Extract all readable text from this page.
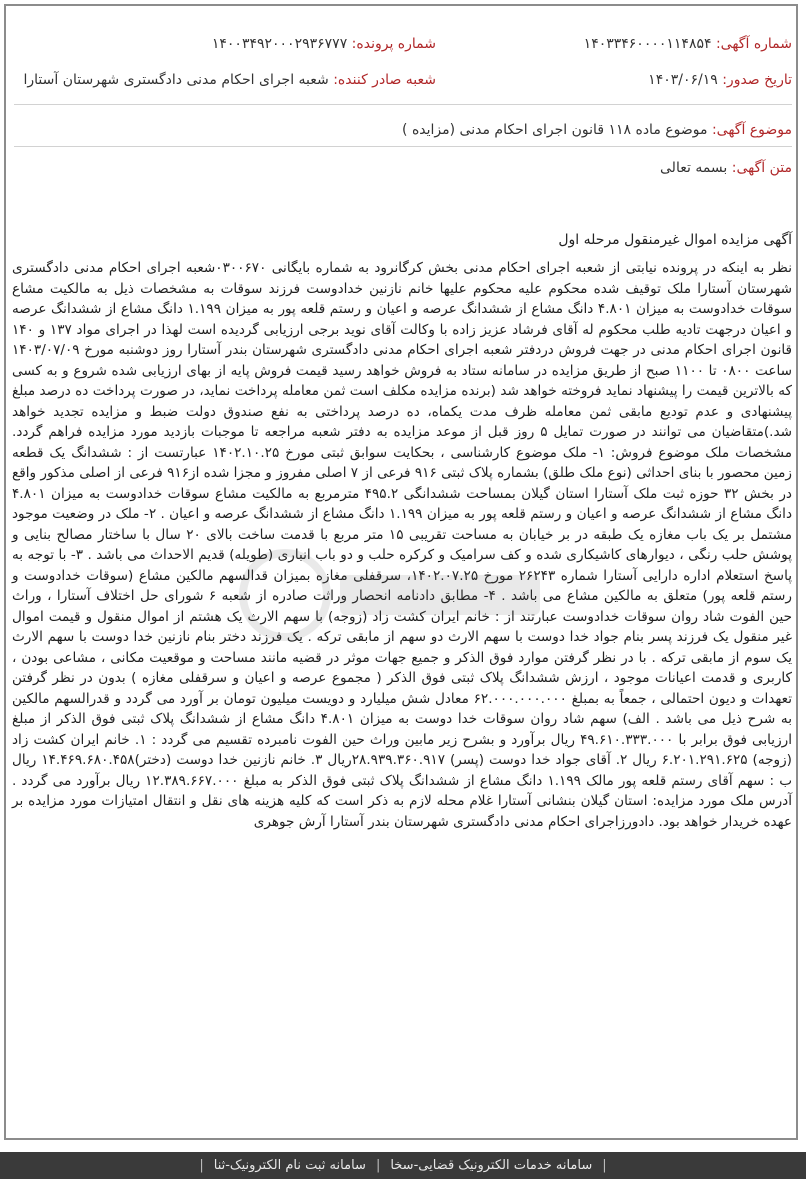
شماره آگهی: ۱۴۰۳۳۴۶۰۰۰۰۱۱۴۸۵۴
شماره پرونده: ۱۴۰۰۳۴۹۲۰۰۰۲۹۳۶۷۷۷
تاریخ صدور: ۱۴۰۳/۰۶/۱۹
شعبه صادر کننده: شعبه اجرای احکام مدنی دادگستری شهرستان آستارا
موضوع آگهی: موضوع ماده ۱۱۸ قانون اجرای احکام مدنی (مزایده )
متن آگهی: بسمه تعالی
آگهی مزایده اموال غیرمنقول مرحله اول
نظر به اینکه در پرونده نیابتی از شعبه اجرای احکام مدنی بخش کرگانرود به شماره بایگانی ۰۳۰۰۶۷۰شعبه اجرای احکام مدنی دادگستری شهرستان آستارا ملک توقیف شده محکوم علیه محکوم علیها خانم نازنین خدادوست فرزند سوقات به مشخصات ذیل به مالکیت مشاع سوقات خداد‌وست به میزان ۴.۸۰۱ دانگ مشاع از ششدانگ عرصه و اعیان و رستم قلعه پور به میزان ۱.۱۹۹ دانگ مشاع از ششدانگ عرصه و اعیان درجهت تادیه طلب محکوم له آقای فرشاد عزیز زاده با وکالت آقای نوید برجی ارزیابی گردیده است لهذا در اجرای مواد ۱۳۷ و ۱۴۰ قانون اجرای احکام مدنی در جهت فروش دردفتر شعبه اجرای احکام مدنی دادگستری شهرستان بندر آستارا روز دوشنبه مورخ ۱۴۰۳/۰۷/۰۹ ساعت ۰۸۰۰ تا ۱۱۰۰ صبح از طریق مزایده در سامانه ستاد به فروش خواهد رسید قیمت فروش پایه از بهای ارزیابی شده شروع و به کسی که بالاترین قیمت را پیشنهاد نماید فروخته خواهد شد (برنده مزایده مکلف است ثمن معامله پرداخت نماید، در صورت پرداخت ده درصد مبلغ پیشنهادی و عدم تودیع مابقی ثمن معامله ظرف مدت یکماه، ده درصد پرداختی به نفع صندوق دولت ضبط و مزایده تجدید خواهد شد.)متقاضیان می توانند در صورت تمایل ۵ روز قبل از موعد مزایده به دفتر شعبه مراجعه تا موجبات بازدید مورد مزایده فراهم گردد. مشخصات ملک موضوع فروش: ۱- ملک موضوع کارشناسی ، بحکایت سوابق ثبتی مورخ ۱۴۰۲.۱۰.۲۵ عبارتست از : ششدانگ یک قطعه زمین محصور با بنای احداثی (نوع ملک طلق) بشماره پلاک ثبتی ۹۱۶ فرعی از ۷ اصلی مفروز و مجزا شده از۹۱۶ فرعی از اصلی مذکور واقع در بخش ۳۲ حوزه ثبت ملک آستارا استان گیلان بمساحت ششدانگی ۴۹۵.۲ مترمربع به مالکیت مشاع سوقات خداد‌وست به میزان ۴.۸۰۱ دانگ مشاع از ششدانگ عرصه و اعیان و رستم قلعه پور به میزان ۱.۱۹۹ دانگ مشاع از ششدانگ عرصه و اعیان . ۲- ملک در وضعیت موجود مشتمل بر یک باب مغازه یک طبقه در بر خیابان به مساحت تقریبی ۱۵ متر مربع با قدمت ساخت بالای ۲۰ سال با ساختار مصالح بنایی و پوشش حلب رنگی ، دیوارهای کاشیکاری شده و کف سرامیک و کرکره حلب و دو باب انباری (طویله) قدیم الاحداث می باشد . ۳- با توجه به پاسخ استعلام اداره دارایی آستارا شماره ۲۶۲۴۳ مورخ ۱۴۰۲.۰۷.۲۵، سرقفلی مغازه بمیزان قدالسهم مالکین مشاع (سوقات خداد‌وست و رستم قلعه پور) متعلق به مالکین مشاع می باشد . ۴- مطابق دادنامه انحصار وراثت صادره از شعبه ۶ شورای حل اختلاف آستارا ، وراث حین الفوت شاد روان سوقات خداد‌وست عبارتند از : خانم ایران کشت زاد (زوجه) با سهم الارث یک هشتم از اموال منقول و قیمت اموال غیر منقول یک فرزند پسر بنام جواد خدا دوست با سهم الارث دو سهم از مابقی ترکه . یک فرزند دختر بنام نازنین خدا دوست با سهم الارث یک سوم از مابقی ترکه . با در نظر گرفتن موارد فوق الذکر و جمیع جهات موثر در قضیه مانند مساحت و موقعیت مکانی ، مشاعی بودن ، کاربری و قدمت اعیانات موجود ، ارزش ششدانگ پلاک ثبتی فوق الذکر ( مجموع عرصه و اعیان و سرقفلی مغازه ) بدون در نظر گرفتن تعهدات و دیون احتمالی ، جمعاً به بمبلغ ۶۲.۰۰۰.۰۰۰.۰۰۰ معادل شش میلیارد و دویست میلیون تومان بر آورد می گردد و قدرالسهم مالکین به شرح ذیل می باشد . الف) سهم شاد روان سوقات خدا دوست به میزان ۴.۸۰۱ دانگ مشاع از ششدانگ پلاک ثبتی فوق الذکر از مبلغ ارزیابی فوق برابر با ۴۹.۶۱۰.۳۳۳.۰۰۰ ریال برآورد و بشرح زیر مابین وراث حین الفوت نامبرده تقسیم می گردد : ۱. خانم ایران کشت زاد (زوجه) ۶.۲۰۱.۲۹۱.۶۲۵ ریال ۲. آقای جواد خدا دوست (پسر) ۲۸.۹۳۹.۳۶۰.۹۱۷ریال ۳. خانم نازنین خدا دوست (دختر)۱۴.۴۶۹.۶۸۰.۴۵۸ ریال ب : سهم آقای رستم قلعه پور مالک ۱.۱۹۹ دانگ مشاع از ششدانگ پلاک ثبتی فوق الذکر به مبلغ ۱۲.۳۸۹.۶۶۷.۰۰۰ ریال برآورد می گردد . آدرس ملک مورد مزایده: استان گیلان بنشانی آستارا غلام محله لازم به ذکر است که کلیه هزینه های نقل و انتقال امتیازات مورد مزایده بر عهده خریدار خواهد بود. دادورزاجرای احکام مدنی دادگستری شهرستان بندر آستارا آرش جوهری
|
سامانه خدمات الکترونیک قضایی-سخا
|
سامانه ثبت نام الکترونیک-ثنا
|
